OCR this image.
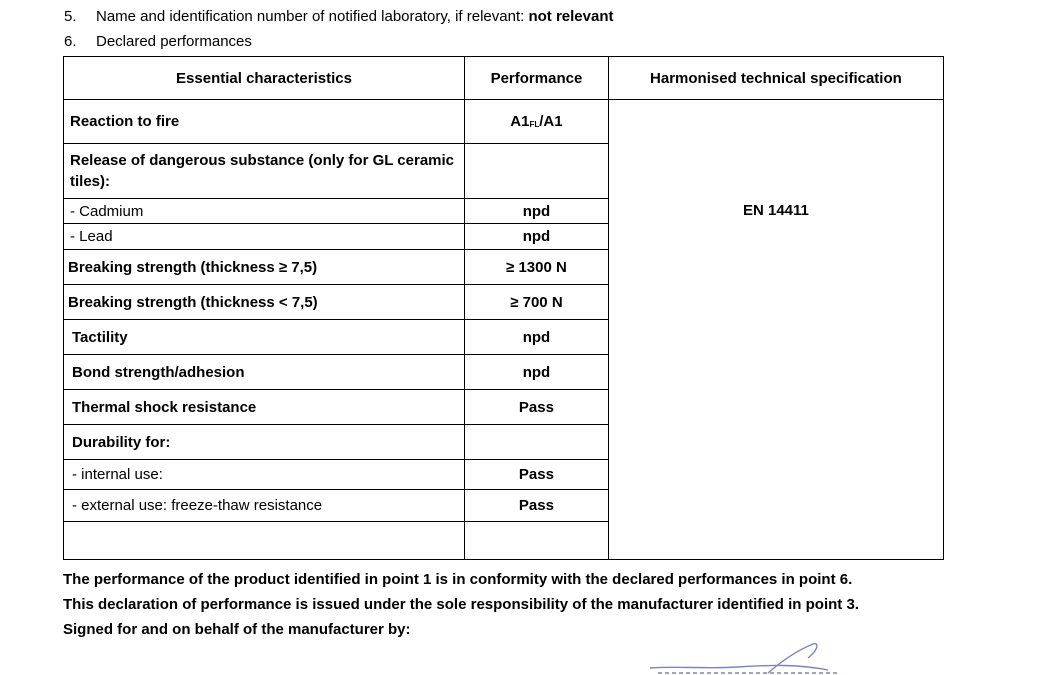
5. Name and identification number of notified laboratory, if relevant: not relevant
6. Declared performances
Essential characteristics	Performance	Harmonised technical specification
Reaction to fire	$A1_{FL}/A1$	EN 14411
Release of dangerous substance (only for GL ceramic tiles):		
- Cadmium	npd	
- Lead	npd	
Breaking strength (thickness ≥ 7,5)	≥ 1300 N	
Breaking strength (thickness < 7,5)	≥ 700 N	
Tactility	npd	
Bond strength/adhesion	npd	
Thermal shock resistance	Pass	
Durability for:		
- internal use:	Pass	
- external use: freeze-thaw resistance	Pass	

The performance of the product identified in point 1 is in conformity with the declared performances in point 6.
This declaration of performance is issued under the sole responsibility of the manufacturer identified in point 3.
Signed for and on behalf of the manufacturer by:
